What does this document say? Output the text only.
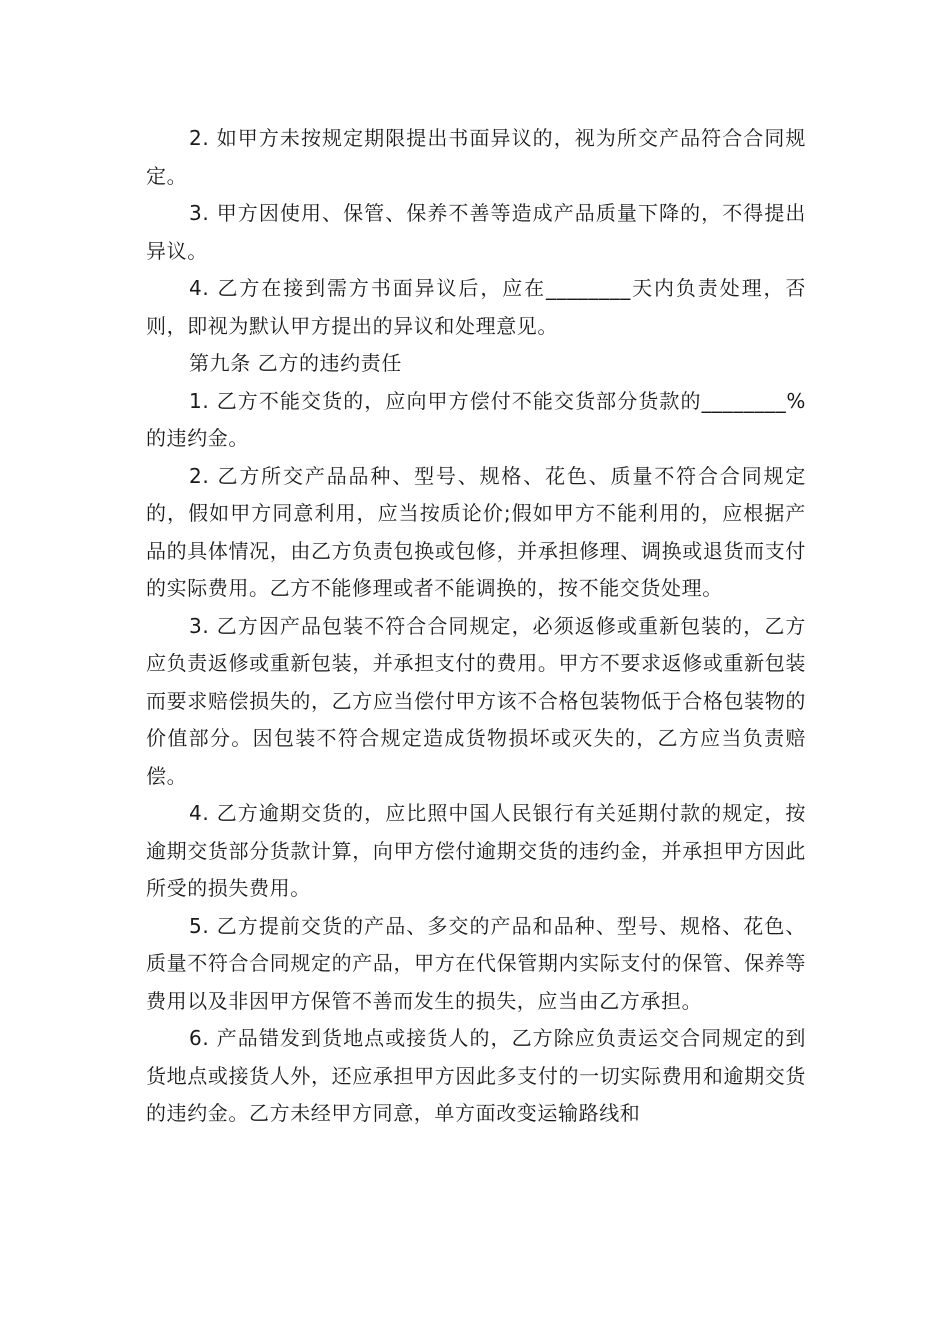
2. 如甲方未按规定期限提出书面异议的，视为所交产品符合合同规定。

3. 甲方因使用、保管、保养不善等造成产品质量下降的，不得提出异议。

4. 乙方在接到需方书面异议后，应在________天内负责处理，否则，即视为默认甲方提出的异议和处理意见。

第九条 乙方的违约责任

1. 乙方不能交货的，应向甲方偿付不能交货部分货款的________%的违约金。

2. 乙方所交产品品种、型号、规格、花色、质量不符合合同规定的，假如甲方同意利用，应当按质论价;假如甲方不能利用的，应根据产品的具体情况，由乙方负责包换或包修，并承担修理、调换或退货而支付的实际费用。乙方不能修理或者不能调换的，按不能交货处理。

3. 乙方因产品包装不符合合同规定，必须返修或重新包装的，乙方应负责返修或重新包装，并承担支付的费用。甲方不要求返修或重新包装而要求赔偿损失的，乙方应当偿付甲方该不合格包装物低于合格包装物的价值部分。因包装不符合规定造成货物损坏或灭失的，乙方应当负责赔偿。

4. 乙方逾期交货的，应比照中国人民银行有关延期付款的规定，按逾期交货部分货款计算，向甲方偿付逾期交货的违约金，并承担甲方因此所受的损失费用。

5. 乙方提前交货的产品、多交的产品和品种、型号、规格、花色、质量不符合合同规定的产品，甲方在代保管期内实际支付的保管、保养等费用以及非因甲方保管不善而发生的损失，应当由乙方承担。

6. 产品错发到货地点或接货人的，乙方除应负责运交合同规定的到货地点或接货人外，还应承担甲方因此多支付的一切实际费用和逾期交货的违约金。乙方未经甲方同意，单方面改变运输路线和
